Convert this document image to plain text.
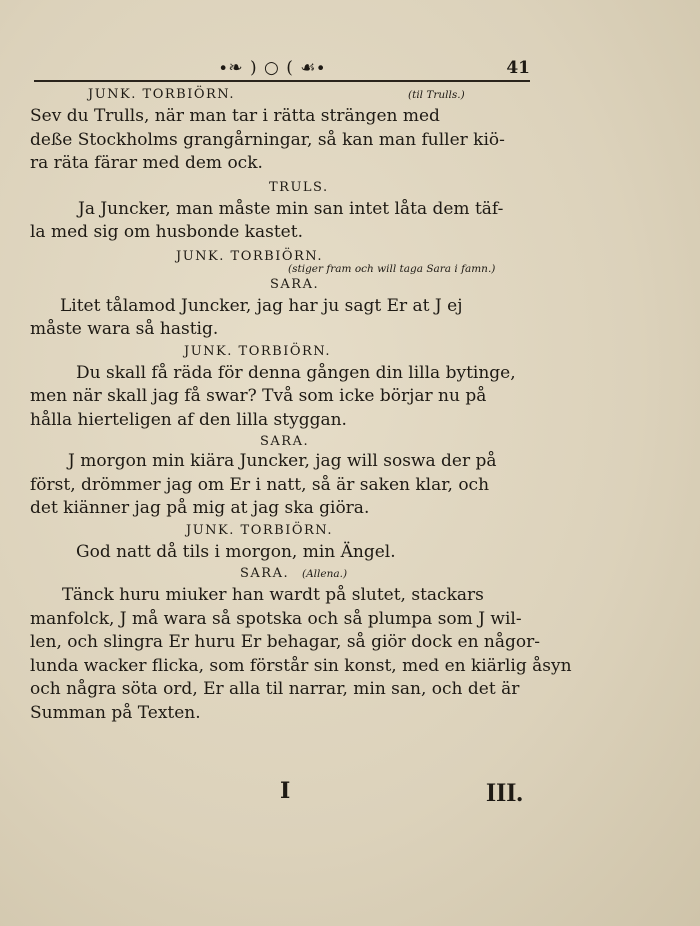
∙❧ ) ○ ( ☙∙	41
JUNK. TORBIÖRN.	(til Trulls.)

Sev du Trulls, när man tar i rätta strängen med
deße Stockholms grangårningar, så kan man fuller kiö-
ra räta färar med dem ock.

TRULS.

Ja Juncker, man måste min san intet låta dem täf-
la med sig om husbonde kastet.

JUNK. TORBIÖRN.
(stiger fram och will taga Sara i famn.)
SARA.

Litet tålamod Juncker, jag har ju sagt Er at J ej
måste wara så hastig.

JUNK. TORBIÖRN.

Du skall få räda för denna gången din lilla bytinge,
men när skall jag få swar? Två som icke börjar nu på
hålla hierteligen af den lilla styggan.

SARA.

J morgon min kiära Juncker, jag will soswa der på
först, drömmer jag om Er i natt, så är saken klar, och
det kiänner jag på mig at jag ska giöra.

JUNK. TORBIÖRN.

God natt då tils i morgon, min Ängel.

SARA. (Allena.)

Tänck huru miuker han wardt på slutet, stackars
manfolck, J må wara så spotska och så plumpa som J wil-
len, och slingra Er huru Er behagar, så giör dock en någor-
lunda wacker flicka, som förstår sin konst, med en kiärlig åsyn
och några söta ord, Er alla til narrar, min san, och det är
Summan på Texten.

I	III.
